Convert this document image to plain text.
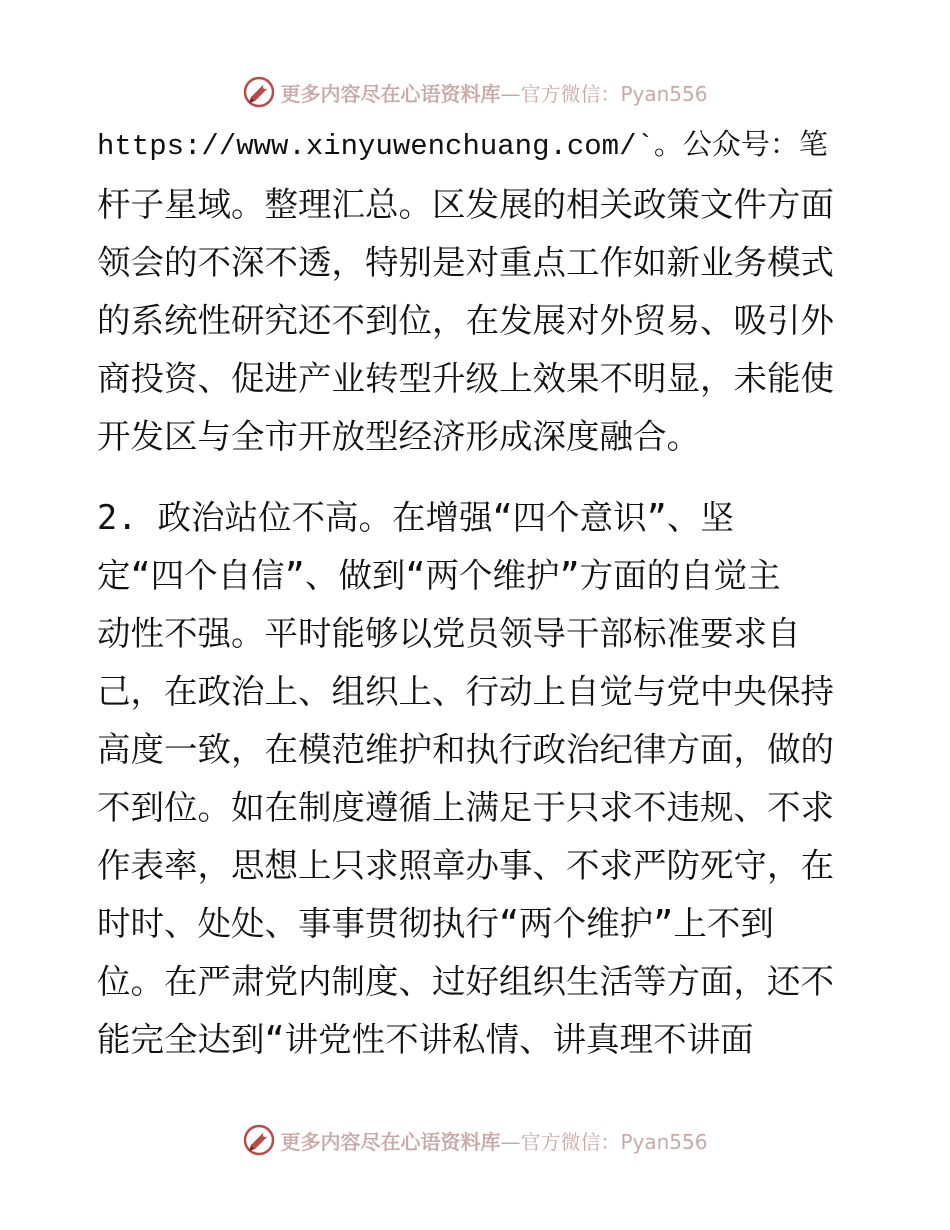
更多内容尽在心语资料库 —官方微信：Pyan556
https://www.xinyuwenchuang.com/`。公众号：笔
杆子星域。整理汇总。区发展的相关政策文件方面
领会的不深不透，特别是对重点工作如新业务模式
的系统性研究还不到位，在发展对外贸易、吸引外
商投资、促进产业转型升级上效果不明显，未能使
开发区与全市开放型经济形成深度融合。
2. 政治站位不高。在增强“四个意识”、坚
定“四个自信”、做到“两个维护”方面的自觉主
动性不强。平时能够以党员领导干部标准要求自
己，在政治上、组织上、行动上自觉与党中央保持
高度一致，在模范维护和执行政治纪律方面，做的
不到位。如在制度遵循上满足于只求不违规、不求
作表率，思想上只求照章办事、不求严防死守，在
时时、处处、事事贯彻执行“两个维护”上不到
位。在严肃党内制度、过好组织生活等方面，还不
能完全达到“讲党性不讲私情、讲真理不讲面
更多内容尽在心语资料库 —官方微信：Pyan556
